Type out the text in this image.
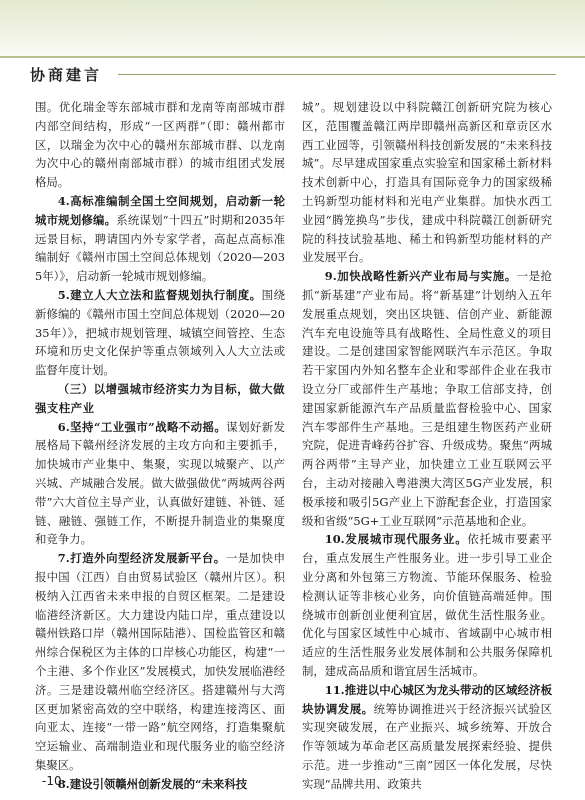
协商建言

围。优化瑞金等东部城市群和龙南等南部城市群内部空间结构，形成“一区两群”（即：赣州都市区，以瑞金为次中心的赣州东部城市群、以龙南为次中心的赣州南部城市群）的城市组团式发展格局。

4.高标准编制全国土空间规划，启动新一轮城市规划修编。系统谋划“十四五”时期和2035年远景目标，聘请国内外专家学者，高起点高标准编制好《赣州市国土空间总体规划（2020—2035年）》，启动新一轮城市规划修编。

5.建立人大立法和监督规划执行制度。围绕新修编的《赣州市国土空间总体规划（2020—2035年）》，把城市规划管理、城镇空间管控、生态环境和历史文化保护等重点领域列入人大立法或监督年度计划。

（三）以增强城市经济实力为目标，做大做强支柱产业

6.坚持“工业强市”战略不动摇。谋划好新发展格局下赣州经济发展的主攻方向和主要抓手，加快城市产业集中、集聚，实现以城聚产、以产兴城、产城融合发展。做大做强做优“两城两谷两带”六大首位主导产业，认真做好建链、补链、延链、融链、强链工作，不断提升制造业的集聚度和竞争力。

7.打造外向型经济发展新平台。一是加快申报中国（江西）自由贸易试验区（赣州片区）。积极纳入江西省未来申报的自贸区框架。二是建设临港经济新区。大力建设内陆口岸，重点建设以赣州铁路口岸（赣州国际陆港）、国检监管区和赣州综合保税区为主体的口岸核心功能区，构建“一个主港、多个作业区”发展模式，加快发展临港经济。三是建设赣州临空经济区。搭建赣州与大湾区更加紧密高效的空中联络，构建连接湾区、面向亚太、连接“一带一路”航空网络，打造集聚航空运输业、高端制造业和现代服务业的临空经济集聚区。

8.建设引领赣州创新发展的“未来科技

城”。规划建设以中科院赣江创新研究院为核心区，范围覆盖赣江两岸即赣州高新区和章贡区水西工业园等，引领赣州科技创新发展的“未来科技城”。尽早建成国家重点实验室和国家稀土新材料技术创新中心，打造具有国际竞争力的国家级稀土钨新型功能材料和光电产业集群。加快水西工业园“腾笼换鸟”步伐，建成中科院赣江创新研究院的科技试验基地、稀土和钨新型功能材料的产业发展平台。

9.加快战略性新兴产业布局与实施。一是抢抓“新基建”产业布局。将“新基建”计划纳入五年发展重点规划，突出区块链、信创产业、新能源汽车充电设施等具有战略性、全局性意义的项目建设。二是创建国家智能网联汽车示范区。争取若干家国内外知名整车企业和零部件企业在我市设立分厂或部件生产基地；争取工信部支持，创建国家新能源汽车产品质量监督检验中心、国家汽车零部件生产基地。三是组建生物医药产业研究院，促进青峰药谷扩容、升级成势。聚焦“两城两谷两带”主导产业，加快建立工业互联网云平台，主动对接融入粤港澳大湾区5G产业发展，积极承接和吸引5G产业上下游配套企业，打造国家级和省级“5G+工业互联网”示范基地和企业。

10.发展城市现代服务业。依托城市要素平台，重点发展生产性服务业。进一步引导工业企业分离和外包第三方物流、节能环保服务、检验检测认证等非核心业务，向价值链高端延伸。围绕城市创新创业便利宜居，做优生活性服务业。优化与国家区域性中心城市、省域副中心城市相适应的生活性服务业发展体制和公共服务保障机制，建成高品质和谐宜居生活城市。

11.推进以中心城区为龙头带动的区域经济板块协调发展。统筹协调推进兴于经济振兴试验区实现突破发展，在产业振兴、城乡统筹、开放合作等领域为革命老区高质量发展探索经验、提供示范。进一步推动“三南”园区一体化发展，尽快实现“品牌共用、政策共

-10-
